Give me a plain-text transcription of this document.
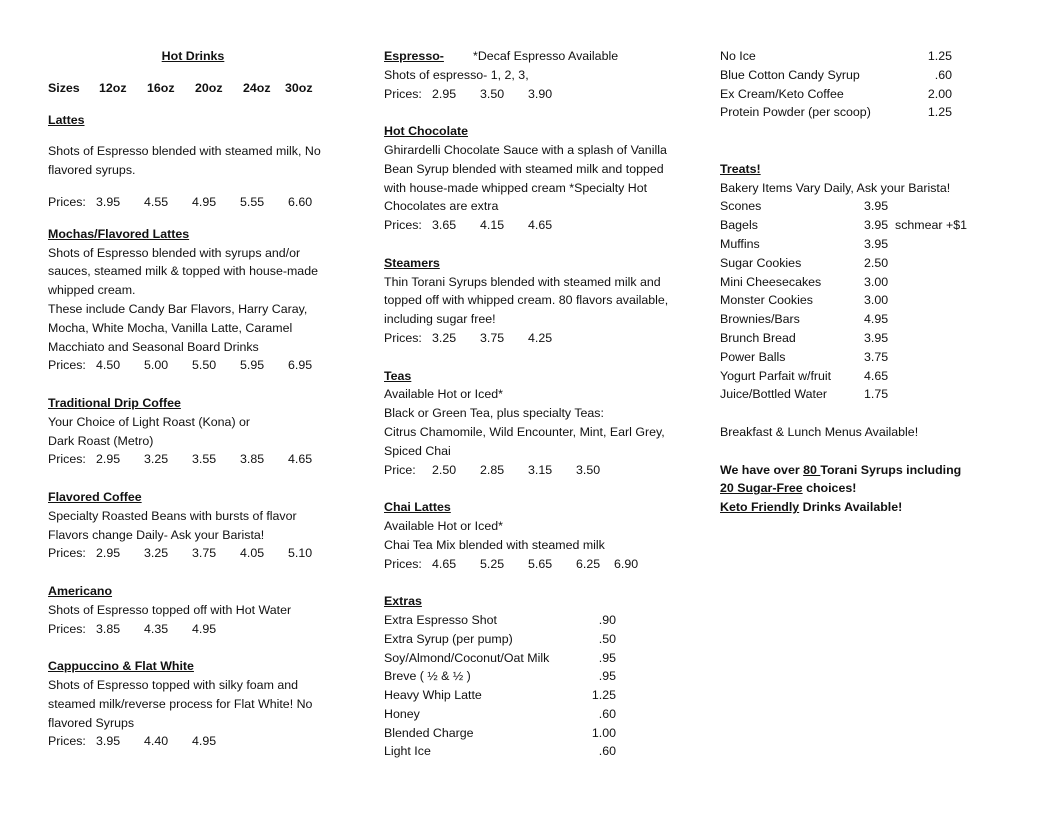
Hot Drinks
Sizes 12oz 16oz 20oz 24oz 30oz
Lattes
Shots of Espresso blended with steamed milk, No
flavored syrups.
Prices: 3.95 4.55 4.95 5.55 6.60
Mochas/Flavored Lattes
Shots of Espresso blended with syrups and/or
sauces, steamed milk & topped with house-made
whipped cream.
These include Candy Bar Flavors, Harry Caray,
Mocha, White Mocha, Vanilla Latte, Caramel
Macchiato and Seasonal Board Drinks
Prices: 4.50 5.00 5.50 5.95 6.95
Traditional Drip Coffee
Your Choice of Light Roast (Kona) or
Dark Roast (Metro)
Prices: 2.95 3.25 3.55 3.85 4.65
Flavored Coffee
Specialty Roasted Beans with bursts of flavor
Flavors change Daily- Ask your Barista!
Prices: 2.95 3.25 3.75 4.05 5.10
Americano
Shots of Espresso topped off with Hot Water
Prices: 3.85 4.35 4.95
Cappuccino & Flat White
Shots of Espresso topped with silky foam and
steamed milk/reverse process for Flat White! No
flavored Syrups
Prices: 3.95 4.40 4.95
Espresso- *Decaf Espresso Available
Shots of espresso- 1, 2, 3,
Prices: 2.95 3.50 3.90
Hot Chocolate
Ghirardelli Chocolate Sauce with a splash of Vanilla
Bean Syrup blended with steamed milk and topped
with house-made whipped cream *Specialty Hot
Chocolates are extra
Prices: 3.65 4.15 4.65
Steamers
Thin Torani Syrups blended with steamed milk and
topped off with whipped cream. 80 flavors available,
including sugar free!
Prices: 3.25 3.75 4.25
Teas
Available Hot or Iced*
Black or Green Tea, plus specialty Teas:
Citrus Chamomile, Wild Encounter, Mint, Earl Grey,
Spiced Chai
Price: 2.50 2.85 3.15 3.50
Chai Lattes
Available Hot or Iced*
Chai Tea Mix blended with steamed milk
Prices: 4.65 5.25 5.65 6.25 6.90
Extras
Extra Espresso Shot	.90
Extra Syrup (per pump)	.50
Soy/Almond/Coconut/Oat Milk	.95
Breve ( ½ & ½ )	.95
Heavy Whip Latte	1.25
Honey	.60
Blended Charge	1.00
Light Ice	.60
No Ice	1.25
Blue Cotton Candy Syrup	.60
Ex Cream/Keto Coffee	2.00
Protein Powder (per scoop)	1.25
Treats!
Bakery Items Vary Daily, Ask your Barista!
Scones	3.95
Bagels	3.95  schmear +$1
Muffins	3.95
Sugar Cookies	2.50
Mini Cheesecakes	3.00
Monster Cookies	3.00
Brownies/Bars	4.95
Brunch Bread	3.95
Power Balls	3.75
Yogurt Parfait w/fruit	4.65
Juice/Bottled Water	1.75
Breakfast & Lunch Menus Available!
We have over 80 Torani Syrups including
20 Sugar-Free choices!
Keto Friendly Drinks Available!
